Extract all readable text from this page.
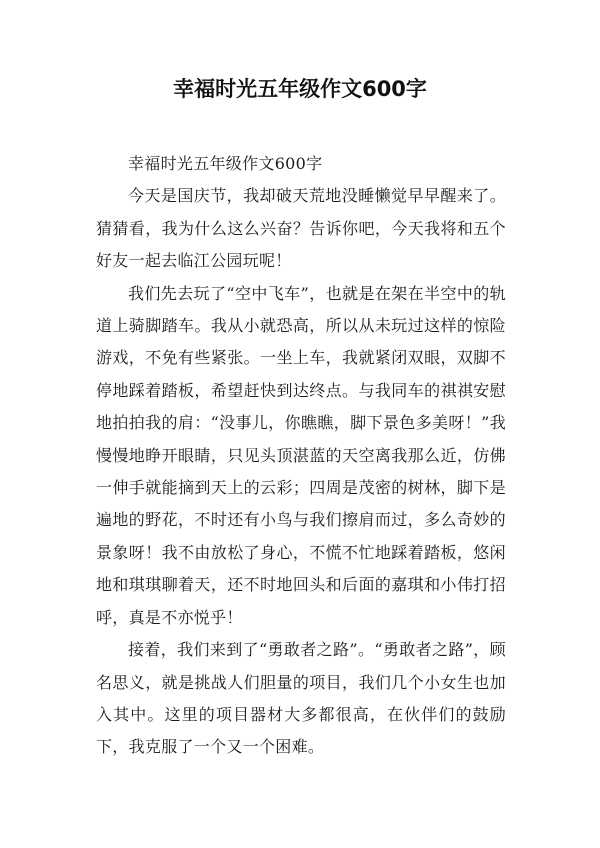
幸福时光五年级作文600字

幸福时光五年级作文600字

今天是国庆节，我却破天荒地没睡懒觉早早醒来了。猜猜看，我为什么这么兴奋？告诉你吧，今天我将和五个好友一起去临江公园玩呢！

我们先去玩了“空中飞车”，也就是在架在半空中的轨道上骑脚踏车。我从小就恐高，所以从未玩过这样的惊险游戏，不免有些紧张。一坐上车，我就紧闭双眼，双脚不停地踩着踏板，希望赶快到达终点。与我同车的祺祺安慰地拍拍我的肩：“没事儿，你瞧瞧，脚下景色多美呀！”我慢慢地睁开眼睛，只见头顶湛蓝的天空离我那么近，仿佛一伸手就能摘到天上的云彩；四周是茂密的树林，脚下是遍地的野花，不时还有小鸟与我们擦肩而过，多么奇妙的景象呀！我不由放松了身心，不慌不忙地踩着踏板，悠闲地和琪琪聊着天，还不时地回头和后面的嘉琪和小伟打招呼，真是不亦悦乎！

接着，我们来到了“勇敢者之路”。“勇敢者之路”，顾名思义，就是挑战人们胆量的项目，我们几个小女生也加入其中。这里的项目器材大多都很高，在伙伴们的鼓励下，我克服了一个又一个困难。
